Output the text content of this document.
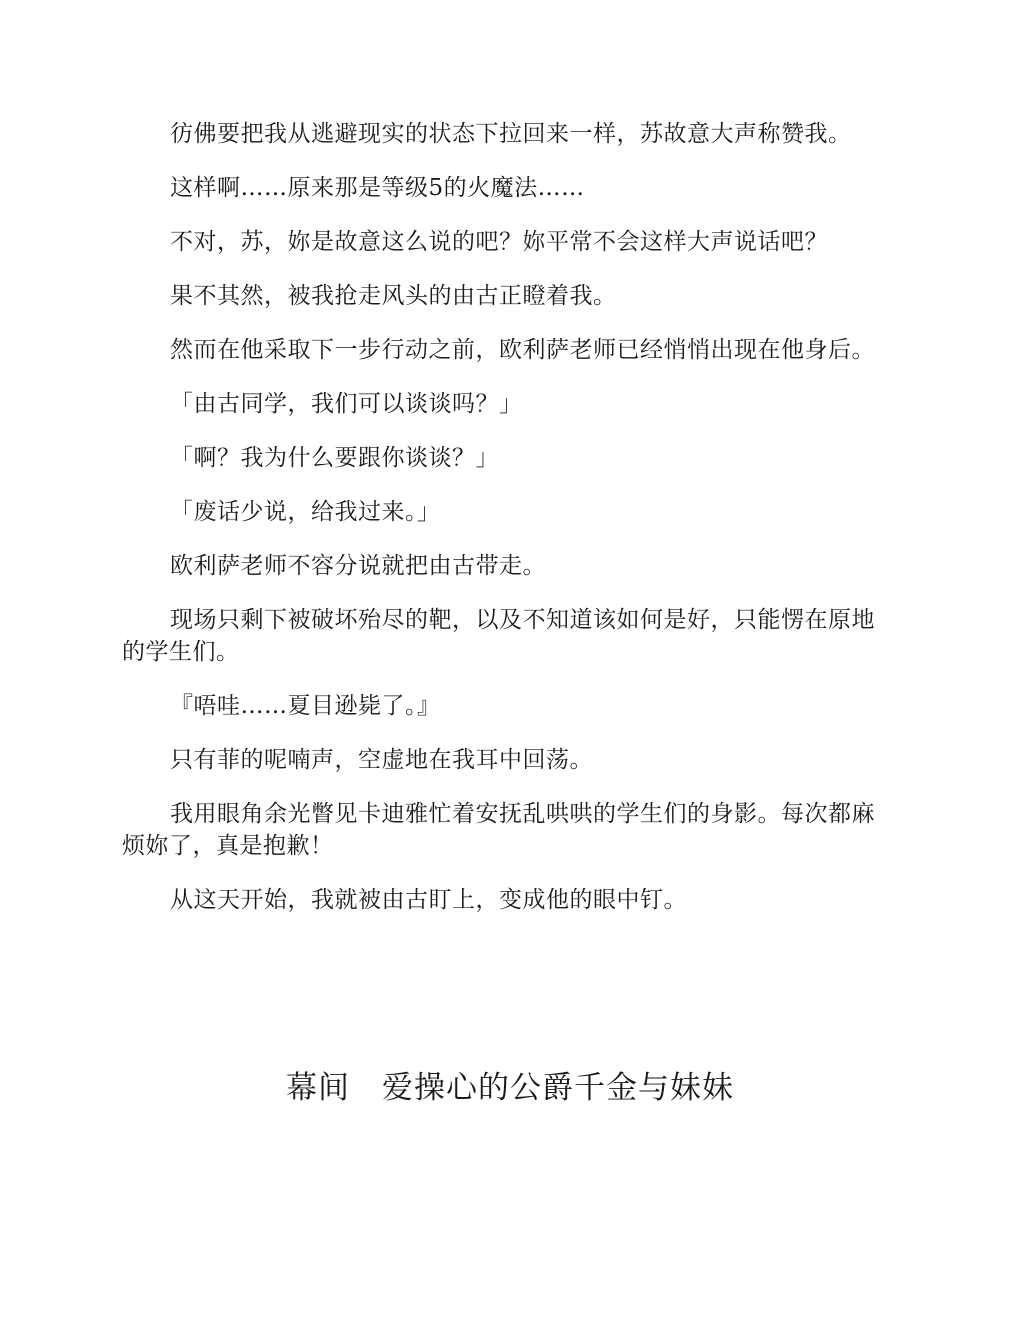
彷佛要把我从逃避现实的状态下拉回来一样，苏故意大声称赞我。

这样啊……原来那是等级5的火魔法……

不对，苏，妳是故意这么说的吧？妳平常不会这样大声说话吧？

果不其然，被我抢走风头的由古正瞪着我。

然而在他采取下一步行动之前，欧利萨老师已经悄悄出现在他身后。

「由古同学，我们可以谈谈吗？」

「啊？我为什么要跟你谈谈？」

「废话少说，给我过来。」

欧利萨老师不容分说就把由古带走。

现场只剩下被破坏殆尽的靶，以及不知道该如何是好，只能愣在原地的学生们。

『唔哇……夏目逊毙了。』

只有菲的呢喃声，空虚地在我耳中回荡。

我用眼角余光瞥见卡迪雅忙着安抚乱哄哄的学生们的身影。每次都麻烦妳了，真是抱歉！

从这天开始，我就被由古盯上，变成他的眼中钉。

幕间　爱操心的公爵千金与妹妹
